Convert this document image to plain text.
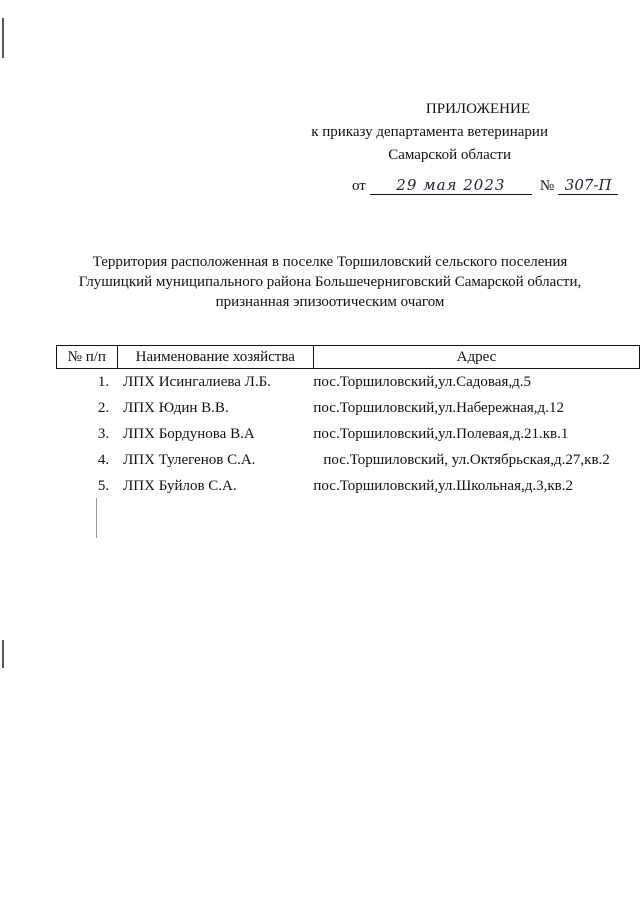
ПРИЛОЖЕНИЕ
к приказу департамента ветеринарии
Самарской области
от	29 мая 2023	№ 307-П
Территория расположенная в поселке Торшиловский сельского поселения
Глушицкий муниципального района Большечерниговский Самарской области,
признанная эпизоотическим очагом
№ п/п	Наименование хозяйства	Адрес
1.	ЛПХ Исингалиева Л.Б.	пос.Торшиловский,ул.Садовая,д.5
2.	ЛПХ Юдин В.В.	пос.Торшиловский,ул.Набережная,д.12
3.	ЛПХ Бордунова В.А	пос.Торшиловский,ул.Полевая,д.21.кв.1
4.	ЛПХ Тулегенов С.А.	пос.Торшиловский, ул.Октябрьская,д.27,кв.2
5.	ЛПХ Буйлов С.А.	пос.Торшиловский,ул.Школьная,д.3,кв.2
